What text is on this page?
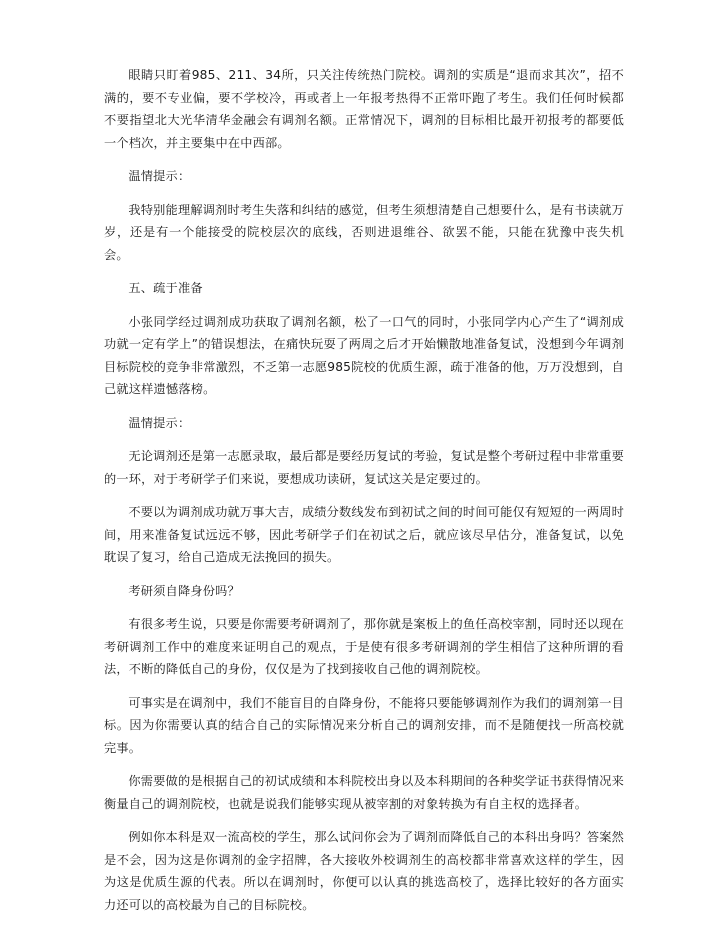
眼睛只盯着985、211、34所，只关注传统热门院校。调剂的实质是“退而求其次”，招不满的，要不专业偏，要不学校冷，再或者上一年报考热得不正常吓跑了考生。我们任何时候都不要指望北大光华清华金融会有调剂名额。正常情况下，调剂的目标相比最开初报考的都要低一个档次，并主要集中在中西部。

温情提示：

我特别能理解调剂时考生失落和纠结的感觉，但考生须想清楚自己想要什么，是有书读就万岁，还是有一个能接受的院校层次的底线，否则进退维谷、欲罢不能，只能在犹豫中丧失机会。

五、疏于准备

小张同学经过调剂成功获取了调剂名额，松了一口气的同时，小张同学内心产生了“调剂成功就一定有学上”的错误想法，在痛快玩耍了两周之后才开始懒散地准备复试，没想到今年调剂目标院校的竞争非常激烈，不乏第一志愿985院校的优质生源，疏于准备的他，万万没想到，自己就这样遗憾落榜。

温情提示：

无论调剂还是第一志愿录取，最后都是要经历复试的考验，复试是整个考研过程中非常重要的一环，对于考研学子们来说，要想成功读研，复试这关是定要过的。

不要以为调剂成功就万事大吉，成绩分数线发布到初试之间的时间可能仅有短短的一两周时间，用来准备复试远远不够，因此考研学子们在初试之后，就应该尽早估分，准备复试，以免耽误了复习，给自己造成无法挽回的损失。

考研须自降身份吗？

有很多考生说，只要是你需要考研调剂了，那你就是案板上的鱼任高校宰割，同时还以现在考研调剂工作中的难度来证明自己的观点，于是使有很多考研调剂的学生相信了这种所谓的看法，不断的降低自己的身份，仅仅是为了找到接收自己他的调剂院校。

可事实是在调剂中，我们不能盲目的自降身份，不能将只要能够调剂作为我们的调剂第一目标。因为你需要认真的结合自己的实际情况来分析自己的调剂安排，而不是随便找一所高校就完事。

你需要做的是根据自己的初试成绩和本科院校出身以及本科期间的各种奖学证书获得情况来衡量自己的调剂院校，也就是说我们能够实现从被宰割的对象转换为有自主权的选择者。

例如你本科是双一流高校的学生，那么试问你会为了调剂而降低自己的本科出身吗？答案然是不会，因为这是你调剂的金字招牌，各大接收外校调剂生的高校都非常喜欢这样的学生，因为这是优质生源的代表。所以在调剂时，你便可以认真的挑选高校了，选择比较好的各方面实力还可以的高校最为自己的目标院校。
